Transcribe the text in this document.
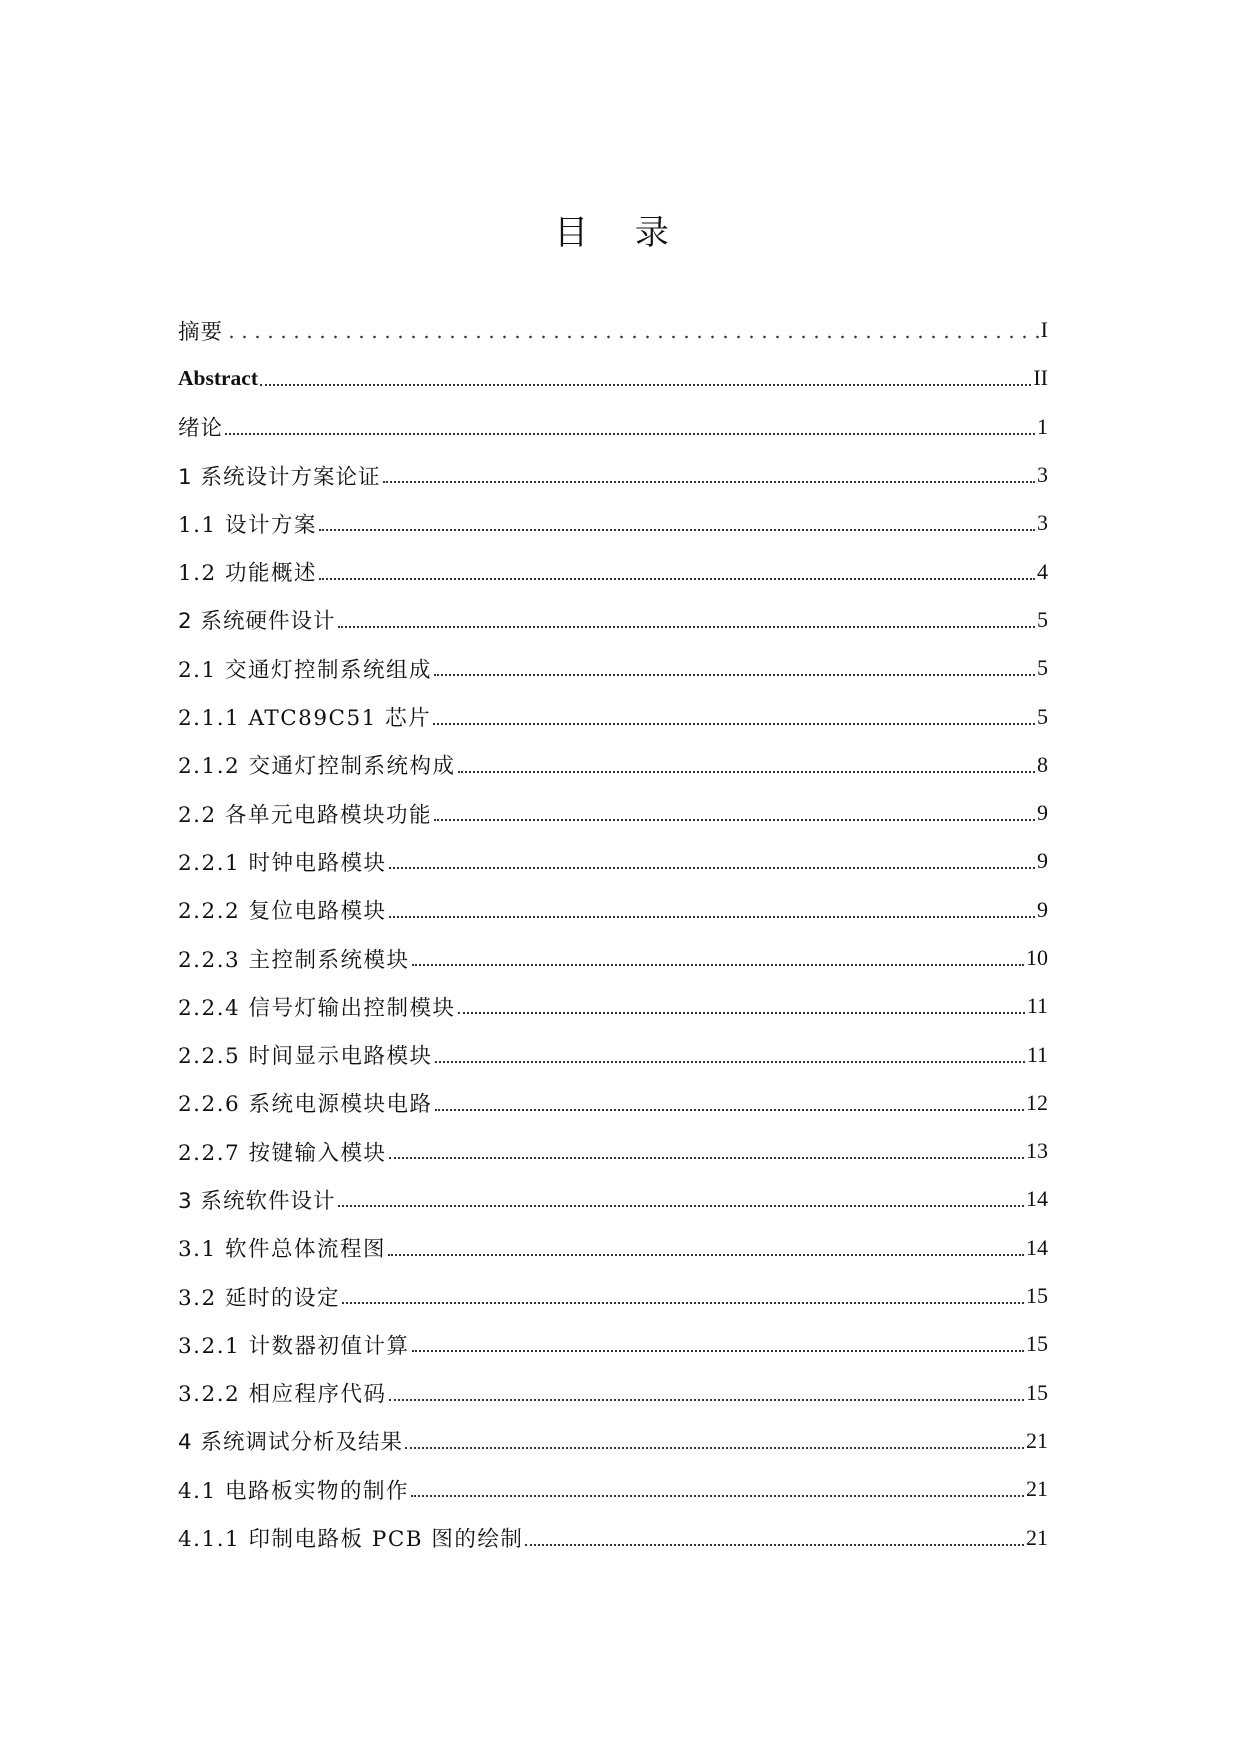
目 录
摘要	I
Abstract	II
绪论	1
1 系统设计方案论证	3
1.1 设计方案	3
1.2 功能概述	4
2 系统硬件设计	5
2.1 交通灯控制系统组成	5
2.1.1 ATC89C51 芯片	5
2.1.2 交通灯控制系统构成	8
2.2 各单元电路模块功能	9
2.2.1 时钟电路模块	9
2.2.2 复位电路模块	9
2.2.3 主控制系统模块	10
2.2.4 信号灯输出控制模块	11
2.2.5 时间显示电路模块	11
2.2.6 系统电源模块电路	12
2.2.7 按键输入模块	13
3 系统软件设计	14
3.1 软件总体流程图	14
3.2 延时的设定	15
3.2.1 计数器初值计算	15
3.2.2 相应程序代码	15
4 系统调试分析及结果	21
4.1 电路板实物的制作	21
4.1.1 印制电路板 PCB 图的绘制	21
